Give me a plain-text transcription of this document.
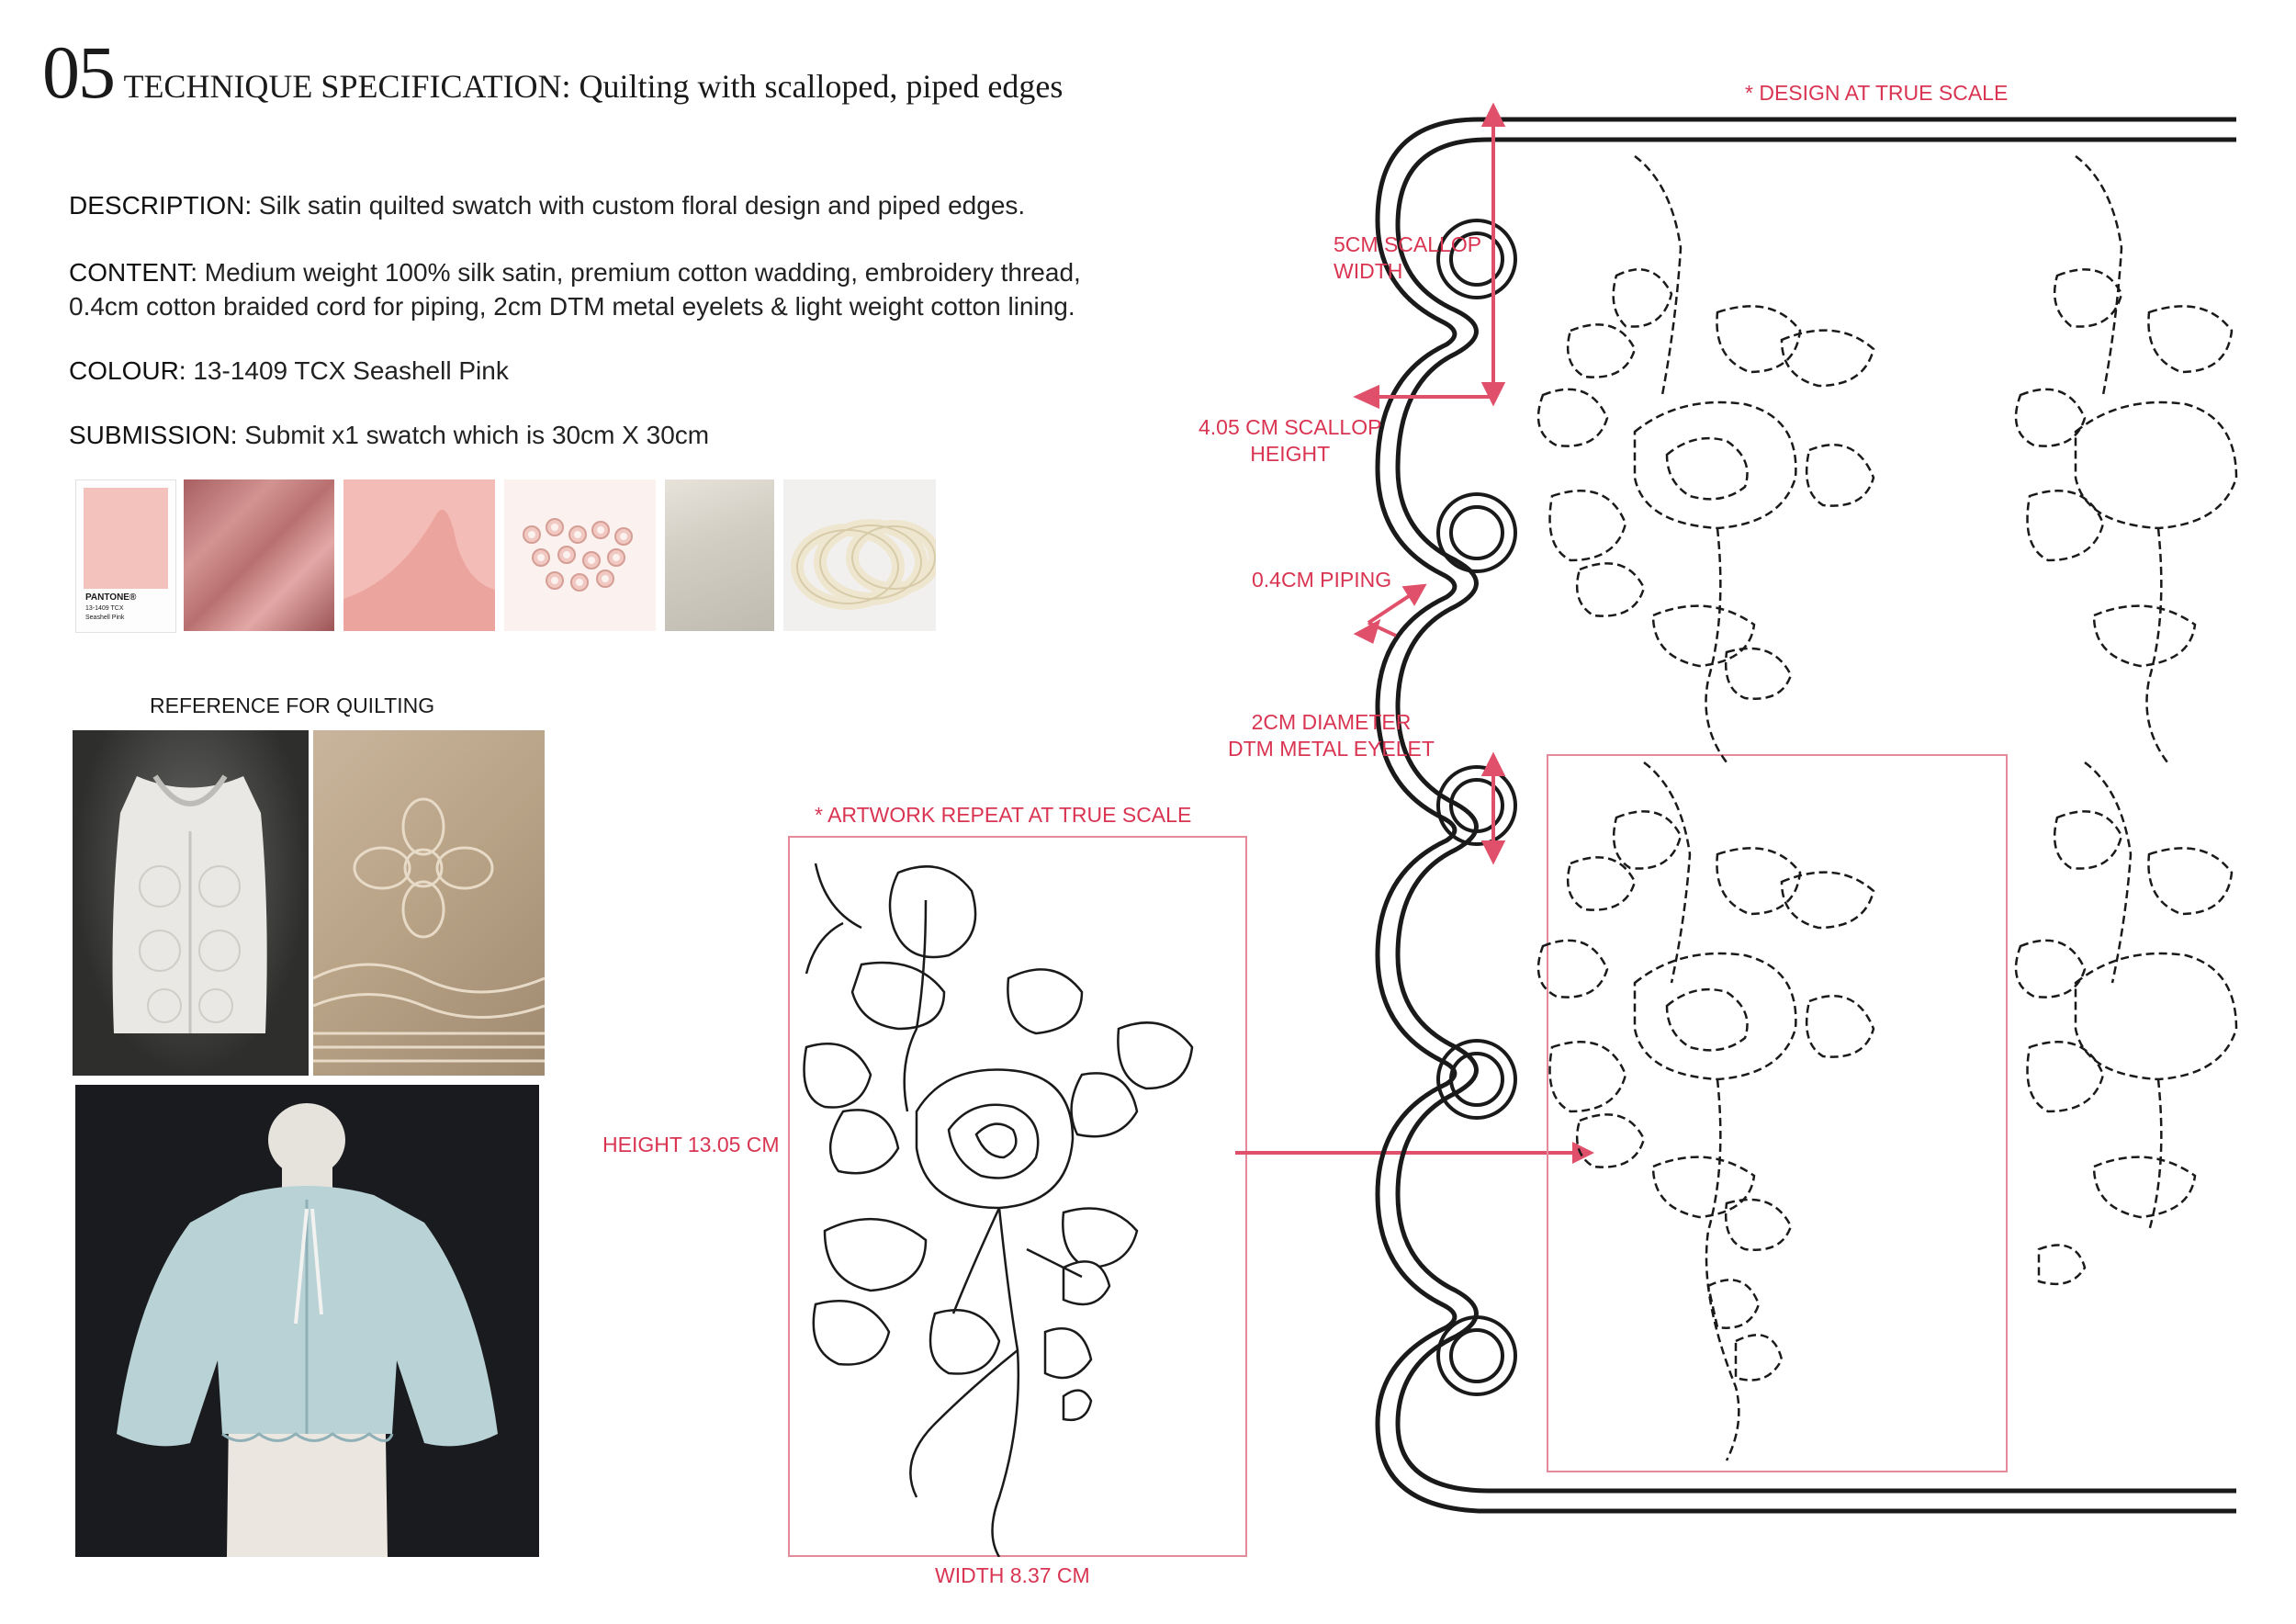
05 TECHNIQUE SPECIFICATION: Quilting with scalloped, piped edges
DESCRIPTION: Silk satin quilted swatch with custom floral design and piped edges.
CONTENT: Medium weight 100% silk satin, premium cotton wadding, embroidery thread,
0.4cm cotton braided cord for piping, 2cm DTM metal eyelets & light weight cotton lining.
COLOUR: 13-1409 TCX Seashell Pink
SUBMISSION: Submit x1 swatch which is 30cm X 30cm
PANTONE®
13-1409 TCX
Seashell Pink
REFERENCE FOR QUILTING
* ARTWORK REPEAT AT TRUE SCALE
HEIGHT 13.05 CM
WIDTH 8.37 CM
* DESIGN AT TRUE SCALE
5CM SCALLOP
WIDTH
4.05 CM SCALLOP
HEIGHT
0.4CM PIPING
2CM DIAMETER
DTM METAL EYELET
